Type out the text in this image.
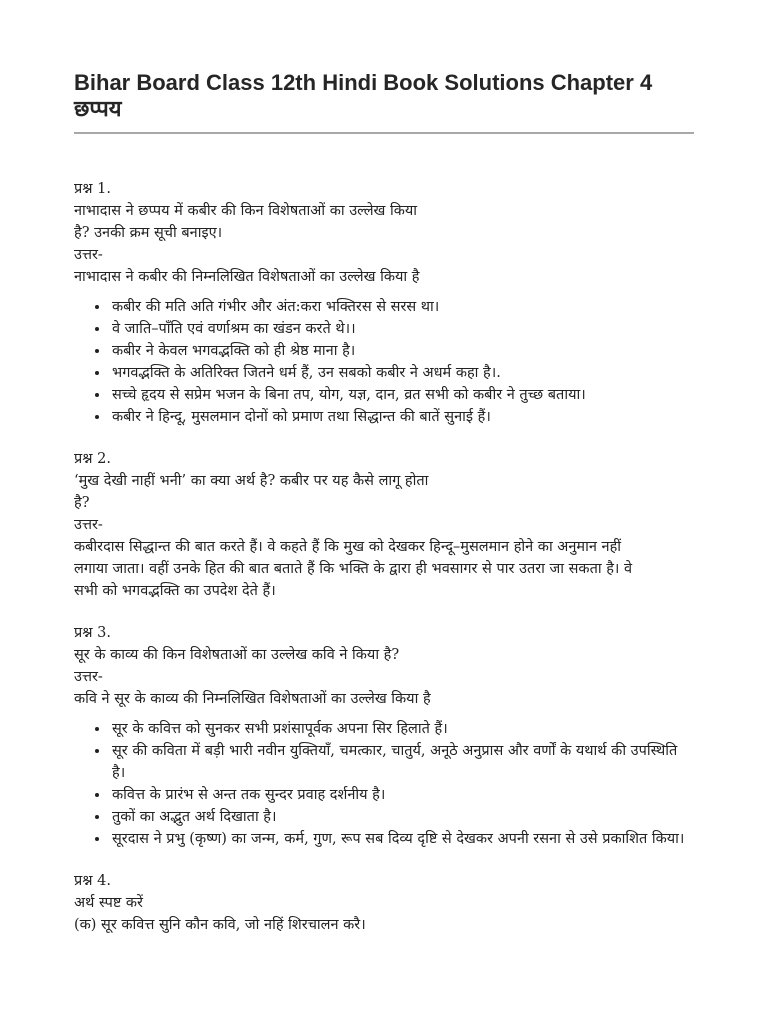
Bihar Board Class 12th Hindi Book Solutions Chapter 4 छप्पय
प्रश्न 1.
नाभादास ने छप्पय में कबीर की किन विशेषताओं का उल्लेख किया
है? उनकी क्रम सूची बनाइए।
उत्तर-
नाभादास ने कबीर की निम्नलिखित विशेषताओं का उल्लेख किया है
• कबीर की मति अति गंभीर और अंत:करा भक्तिरस से सरस था।
• वे जाति–पाँति एवं वर्णाश्रम का खंडन करते थे।।
• कबीर ने केवल भगवद्भक्ति को ही श्रेष्ठ माना है।
• भगवद्भक्ति के अतिरिक्त जितने धर्म हैं, उन सबको कबीर ने अधर्म कहा है।.
• सच्चे हृदय से सप्रेम भजन के बिना तप, योग, यज्ञ, दान, व्रत सभी को कबीर ने तुच्छ बताया।
• कबीर ने हिन्दू, मुसलमान दोनों को प्रमाण तथा सिद्धान्त की बातें सुनाई हैं।
प्रश्न 2.
‘मुख देखी नाहीं भनी’ का क्या अर्थ है? कबीर पर यह कैसे लागू होता
है?
उत्तर-
कबीरदास सिद्धान्त की बात करते हैं। वे कहते हैं कि मुख को देखकर हिन्दू–मुसलमान होने का अनुमान नहीं
लगाया जाता। वहीं उनके हित की बात बताते हैं कि भक्ति के द्वारा ही भवसागर से पार उतरा जा सकता है। वे
सभी को भगवद्भक्ति का उपदेश देते हैं।
प्रश्न 3.
सूर के काव्य की किन विशेषताओं का उल्लेख कवि ने किया है?
उत्तर-
कवि ने सूर के काव्य की निम्नलिखित विशेषताओं का उल्लेख किया है
• सूर के कवित्त को सुनकर सभी प्रशंसापूर्वक अपना सिर हिलाते हैं।
• सूर की कविता में बड़ी भारी नवीन युक्तियाँ, चमत्कार, चातुर्य, अनूठे अनुप्रास और वर्णों के यथार्थ की उपस्थिति है।
• कवित्त के प्रारंभ से अन्त तक सुन्दर प्रवाह दर्शनीय है।
• तुकों का अद्भुत अर्थ दिखाता है।
• सूरदास ने प्रभु (कृष्ण) का जन्म, कर्म, गुण, रूप सब दिव्य दृष्टि से देखकर अपनी रसना से उसे प्रकाशित किया।
प्रश्न 4.
अर्थ स्पष्ट करें
(क) सूर कवित्त सुनि कौन कवि, जो नहिं शिरचालन करै।
